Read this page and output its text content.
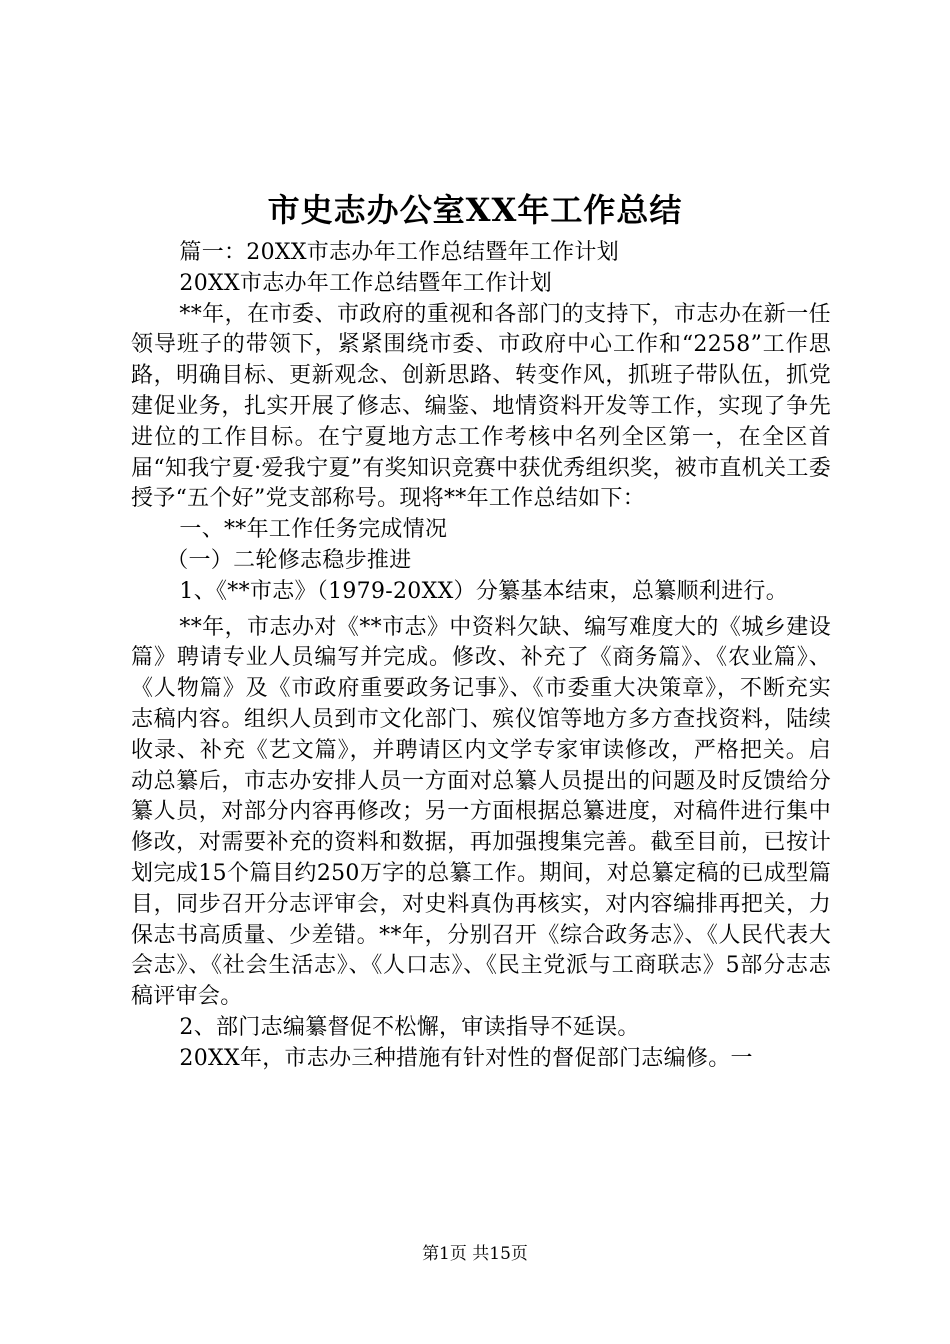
市史志办公室XX年工作总结

篇一：20XX市志办年工作总结暨年工作计划

20XX市志办年工作总结暨年工作计划

**年，在市委、市政府的重视和各部门的支持下，市志办在新一任领导班子的带领下，紧紧围绕市委、市政府中心工作和“2258”工作思路，明确目标、更新观念、创新思路、转变作风，抓班子带队伍，抓党建促业务，扎实开展了修志、编鉴、地情资料开发等工作，实现了争先进位的工作目标。在宁夏地方志工作考核中名列全区第一，在全区首届“知我宁夏·爱我宁夏”有奖知识竞赛中获优秀组织奖，被市直机关工委授予“五个好”党支部称号。现将**年工作总结如下：

一、**年工作任务完成情况

（一）二轮修志稳步推进

1、《**市志》（1979-20XX）分纂基本结束，总纂顺利进行。

**年，市志办对《**市志》中资料欠缺、编写难度大的《城乡建设篇》聘请专业人员编写并完成。修改、补充了《商务篇》、《农业篇》、《人物篇》及《市政府重要政务记事》、《市委重大决策章》，不断充实志稿内容。组织人员到市文化部门、殡仪馆等地方多方查找资料，陆续收录、补充《艺文篇》，并聘请区内文学专家审读修改，严格把关。启动总纂后，市志办安排人员一方面对总纂人员提出的问题及时反馈给分纂人员，对部分内容再修改；另一方面根据总纂进度，对稿件进行集中修改，对需要补充的资料和数据，再加强搜集完善。截至目前，已按计划完成15个篇目约250万字的总纂工作。期间，对总纂定稿的已成型篇目，同步召开分志评审会，对史料真伪再核实，对内容编排再把关，力保志书高质量、少差错。**年，分别召开《综合政务志》、《人民代表大会志》、《社会生活志》、《人口志》、《民主党派与工商联志》5部分志志稿评审会。

2、部门志编纂督促不松懈，审读指导不延误。

20XX年，市志办三种措施有针对性的督促部门志编修。一

第1页 共15页
